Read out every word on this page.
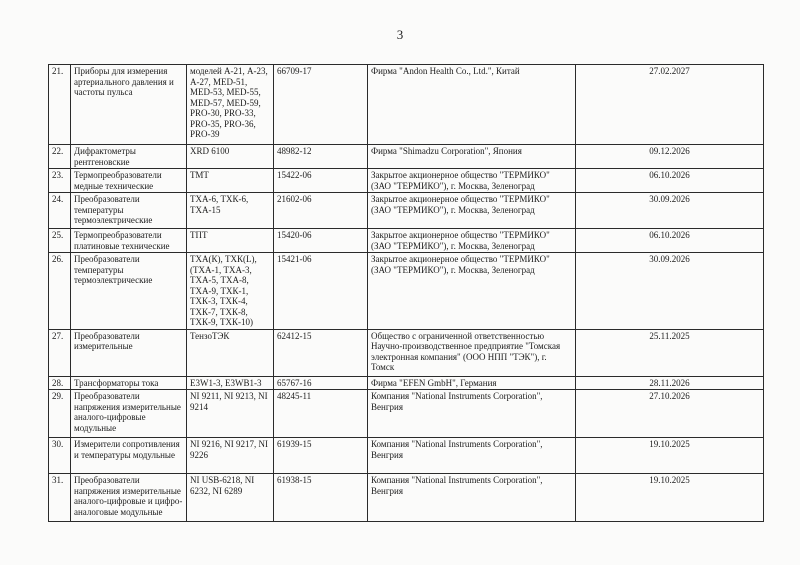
3
21.	Приборы для измерения артериального давления и частоты пульса	моделей А-21, А-23, А-27, MED-51, MED-53, MED-55, MED-57, MED-59, PRO-30, PRO-33, PRO-35, PRO-36, PRO-39	66709-17	Фирма "Andon Health Co., Ltd.", Китай	27.02.2027
22.	Дифрактометры рентгеновские	XRD 6100	48982-12	Фирма "Shimadzu Corporation", Япония	09.12.2026
23.	Термопреобразователи медные технические	ТМТ	15422-06	Закрытое акционерное общество "ТЕРМИКО" (ЗАО "ТЕРМИКО"), г. Москва, Зеленоград	06.10.2026
24.	Преобразователи температуры термоэлектрические	ТХА-6, ТХК-6, ТХА-15	21602-06	Закрытое акционерное общество "ТЕРМИКО" (ЗАО "ТЕРМИКО"), г. Москва, Зеленоград	30.09.2026
25.	Термопреобразователи платиновые технические	ТПТ	15420-06	Закрытое акционерное общество "ТЕРМИКО" (ЗАО "ТЕРМИКО"), г. Москва, Зеленоград	06.10.2026
26.	Преобразователи температуры термоэлектрические	ТХА(К), ТХК(L), (ТХА-1, ТХА-3, ТХА-5, ТХА-8, ТХА-9, ТХК-1, ТХК-3, ТХК-4, ТХК-7, ТХК-8, ТХК-9, ТХК-10)	15421-06	Закрытое акционерное общество "ТЕРМИКО" (ЗАО "ТЕРМИКО"), г. Москва, Зеленоград	30.09.2026
27.	Преобразователи измерительные	ТензоТЭК	62412-15	Общество с ограниченной ответственностью Научно-производственное предприятие "Томская электронная компания" (ООО НПП "ТЭК"), г. Томск	25.11.2025
28.	Трансформаторы тока	E3W1-3, E3WB1-3	65767-16	Фирма "EFEN GmbH", Германия	28.11.2026
29.	Преобразователи напряжения измерительные аналого-цифровые модульные	NI 9211, NI 9213, NI 9214	48245-11	Компания "National Instruments Corporation", Венгрия	27.10.2026
30.	Измерители сопротивления и температуры модульные	NI 9216, NI 9217, NI 9226	61939-15	Компания "National Instruments Corporation", Венгрия	19.10.2025
31.	Преобразователи напряжения измерительные аналого-цифровые и цифро-аналоговые модульные	NI USB-6218, NI 6232, NI 6289	61938-15	Компания "National Instruments Corporation", Венгрия	19.10.2025
